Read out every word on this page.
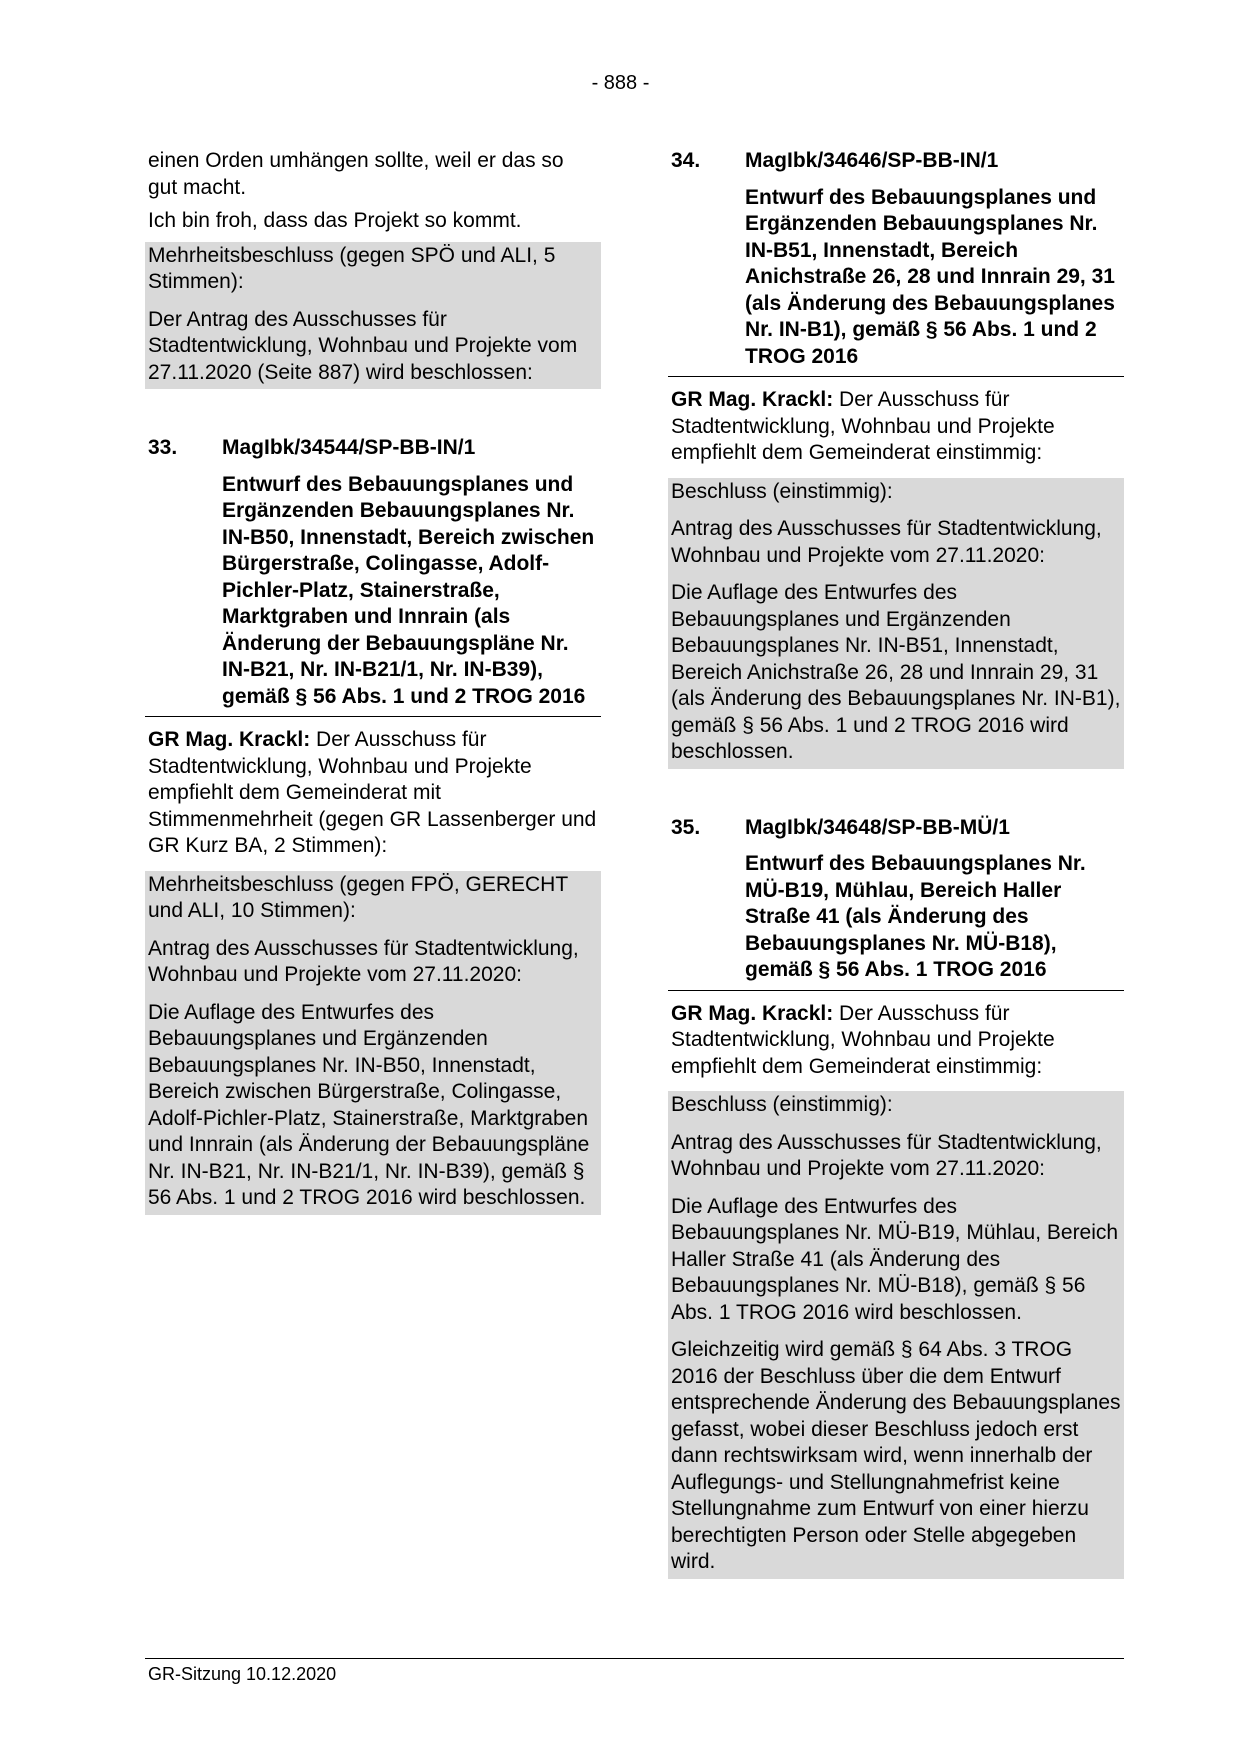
- 888 -

einen Orden umhängen sollte, weil er das so gut macht.

Ich bin froh, dass das Projekt so kommt.

Mehrheitsbeschluss (gegen SPÖ und ALI, 5 Stimmen):

Der Antrag des Ausschusses für Stadtentwicklung, Wohnbau und Projekte vom 27.11.2020 (Seite 887) wird beschlossen:

33.	MagIbk/34544/SP-BB-IN/1

Entwurf des Bebauungsplanes und Ergänzenden Bebauungsplanes Nr. IN-B50, Innenstadt, Bereich zwischen Bürgerstraße, Colingasse, Adolf-Pichler-Platz, Stainerstraße, Marktgraben und Innrain (als Änderung der Bebauungspläne Nr. IN-B21, Nr. IN-B21/1, Nr. IN-B39), gemäß § 56 Abs. 1 und 2 TROG 2016

GR Mag. Krackl: Der Ausschuss für Stadtentwicklung, Wohnbau und Projekte empfiehlt dem Gemeinderat mit Stimmenmehrheit (gegen GR Lassenberger und GR Kurz BA, 2 Stimmen):

Mehrheitsbeschluss (gegen FPÖ, GERECHT und ALI, 10 Stimmen):

Antrag des Ausschusses für Stadtentwicklung, Wohnbau und Projekte vom 27.11.2020:

Die Auflage des Entwurfes des Bebauungsplanes und Ergänzenden Bebauungsplanes Nr. IN-B50, Innenstadt, Bereich zwischen Bürgerstraße, Colingasse, Adolf-Pichler-Platz, Stainerstraße, Marktgraben und Innrain (als Änderung der Bebauungspläne Nr. IN-B21, Nr. IN-B21/1, Nr. IN-B39), gemäß § 56 Abs. 1 und 2 TROG 2016 wird beschlossen.

34.	MagIbk/34646/SP-BB-IN/1

Entwurf des Bebauungsplanes und Ergänzenden Bebauungsplanes Nr. IN-B51, Innenstadt, Bereich Anichstraße 26, 28 und Innrain 29, 31 (als Änderung des Bebauungsplanes Nr. IN-B1), gemäß § 56 Abs. 1 und 2 TROG 2016

GR Mag. Krackl: Der Ausschuss für Stadtentwicklung, Wohnbau und Projekte empfiehlt dem Gemeinderat einstimmig:

Beschluss (einstimmig):

Antrag des Ausschusses für Stadtentwicklung, Wohnbau und Projekte vom 27.11.2020:

Die Auflage des Entwurfes des Bebauungsplanes und Ergänzenden Bebauungsplanes Nr. IN-B51, Innenstadt, Bereich Anichstraße 26, 28 und Innrain 29, 31 (als Änderung des Bebauungsplanes Nr. IN-B1), gemäß § 56 Abs. 1 und 2 TROG 2016 wird beschlossen.

35.	MagIbk/34648/SP-BB-MÜ/1

Entwurf des Bebauungsplanes Nr. MÜ-B19, Mühlau, Bereich Haller Straße 41 (als Änderung des Bebauungsplanes Nr. MÜ-B18), gemäß § 56 Abs. 1 TROG 2016

GR Mag. Krackl: Der Ausschuss für Stadtentwicklung, Wohnbau und Projekte empfiehlt dem Gemeinderat einstimmig:

Beschluss (einstimmig):

Antrag des Ausschusses für Stadtentwicklung, Wohnbau und Projekte vom 27.11.2020:

Die Auflage des Entwurfes des Bebauungsplanes Nr. MÜ-B19, Mühlau, Bereich Haller Straße 41 (als Änderung des Bebauungsplanes Nr. MÜ-B18), gemäß § 56 Abs. 1 TROG 2016 wird beschlossen.

Gleichzeitig wird gemäß § 64 Abs. 3 TROG 2016 der Beschluss über die dem Entwurf entsprechende Änderung des Bebauungsplanes gefasst, wobei dieser Beschluss jedoch erst dann rechtswirksam wird, wenn innerhalb der Auflegungs- und Stellungnahmefrist keine Stellungnahme zum Entwurf von einer hierzu berechtigten Person oder Stelle abgegeben wird.

GR-Sitzung 10.12.2020
